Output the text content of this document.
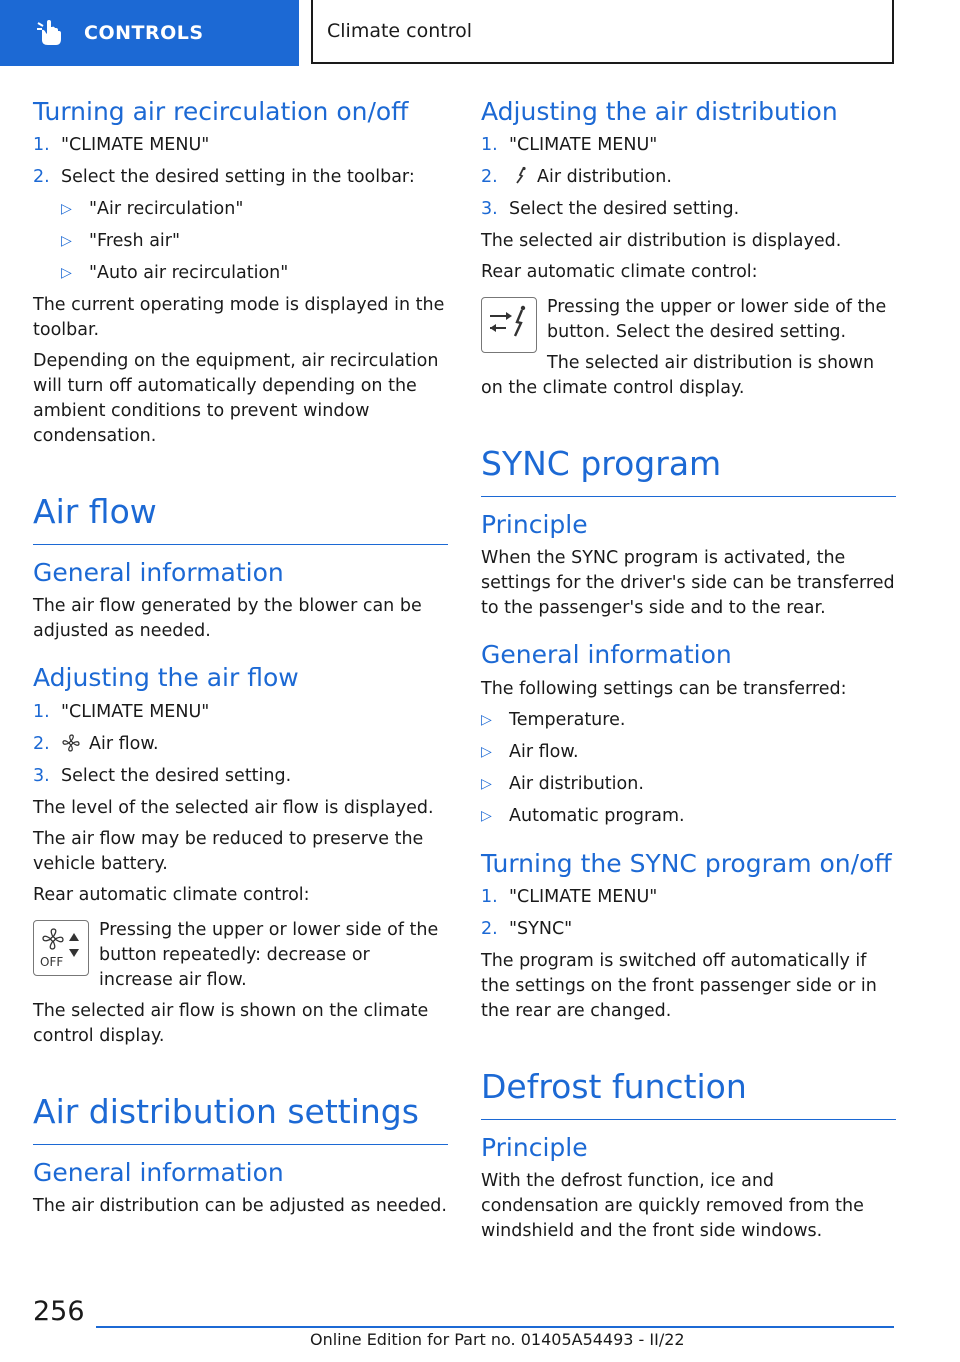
CONTROLS	Climate control
Turning air recirculation on/off
1. "CLIMATE MENU"
2. Select the desired setting in the toolbar:
▷ "Air recirculation"
▷ "Fresh air"
▷ "Auto air recirculation"

The current operating mode is displayed in the toolbar.

Depending on the equipment, air recirculation will turn off automatically depending on the ambient conditions to prevent window condensation.

Air flow
General information

The air flow generated by the blower can be adjusted as needed.

Adjusting the air flow
1. "CLIMATE MENU"
2.	Air flow.
3. Select the desired setting.

The level of the selected air flow is displayed.

The air flow may be reduced to preserve the vehicle battery.

Rear automatic climate control:

OFF

Pressing the upper or lower side of the button repeatedly: decrease or increase air flow.

The selected air flow is shown on the climate control display.

Air distribution settings
General information

The air distribution can be adjusted as needed.

Adjusting the air distribution
1. "CLIMATE MENU"
2.	Air distribution.
3. Select the desired setting.

The selected air distribution is displayed.

Rear automatic climate control:

Pressing the upper or lower side of the button. Select the desired setting.

The selected air distribution is shown on the climate control display.

SYNC program
Principle

When the SYNC program is activated, the settings for the driver's side can be transferred to the passenger's side and to the rear.

General information

The following settings can be transferred:

▷ Temperature.
▷ Air flow.
▷ Air distribution.
▷ Automatic program.
Turning the SYNC program on/off
1. "CLIMATE MENU"
2. "SYNC"

The program is switched off automatically if the settings on the front passenger side or in the rear are changed.

Defrost function
Principle

With the defrost function, ice and condensation are quickly removed from the windshield and the front side windows.

256
Online Edition for Part no. 01405A54493 - II/22
